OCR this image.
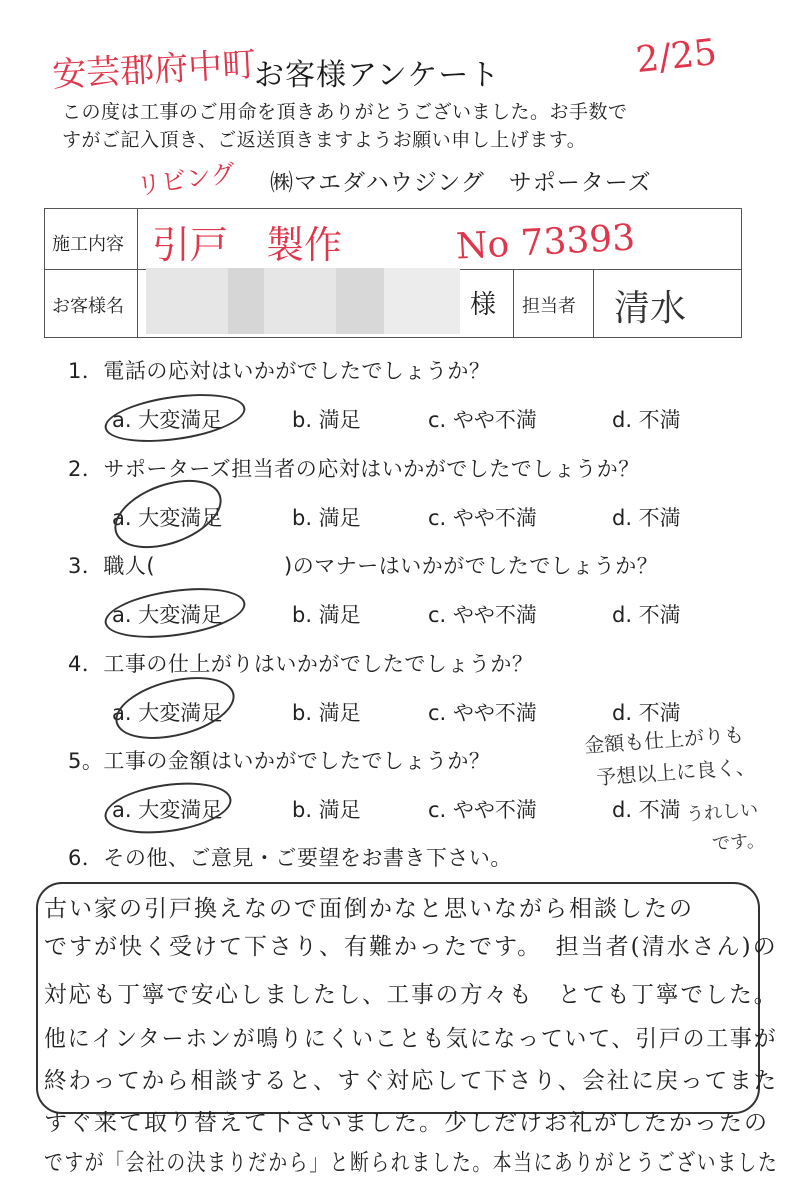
安芸郡府中町
お客様アンケート	2/25
この度は工事のご用命を頂きありがとうございました。お手数で
すがご記入頂き、ご返送頂きますようお願い申し上げます。
リビング ㈱マエダハウジング　サポーターズ
施工内容 引戸　製作	No 73393
お客様名	様 担当者 清水
1．電話の応対はいかがでしたでしょうか？
a. 大変満足	b. 満足	c. やや不満	d. 不満
2．サポーターズ担当者の応対はいかがでしたでしょうか？
a. 大変満足	b. 満足	c. やや不満	d. 不満
3．職人(　　　　　　)のマナーはいかがでしたでしょうか？
a. 大変満足	b. 満足	c. やや不満	d. 不満
4．工事の仕上がりはいかがでしたでしょうか？
a. 大変満足	b. 満足	c. やや不満	d. 不満
5。工事の金額はいかがでしたでしょうか？
a. 大変満足	b. 満足	c. やや不満	d. 不満
金額も仕上がりも
予想以上に良く、
うれしい
です。
6．その他、ご意見・ご要望をお書き下さい。
古い家の引戸換えなので面倒かなと思いながら相談したの
ですが快く受けて下さり、有難かったです。　担当者(清水さん)の
対応も丁寧で安心しましたし、工事の方々も　とても丁寧でした。
他にインターホンが鳴りにくいことも気になっていて、引戸の工事が
終わってから相談すると、すぐ対応して下さり、会社に戻ってまた
すぐ来て取り替えて下さいました。少しだけお礼がしたかったの
ですが「会社の決まりだから」と断られました。本当にありがとうございました
